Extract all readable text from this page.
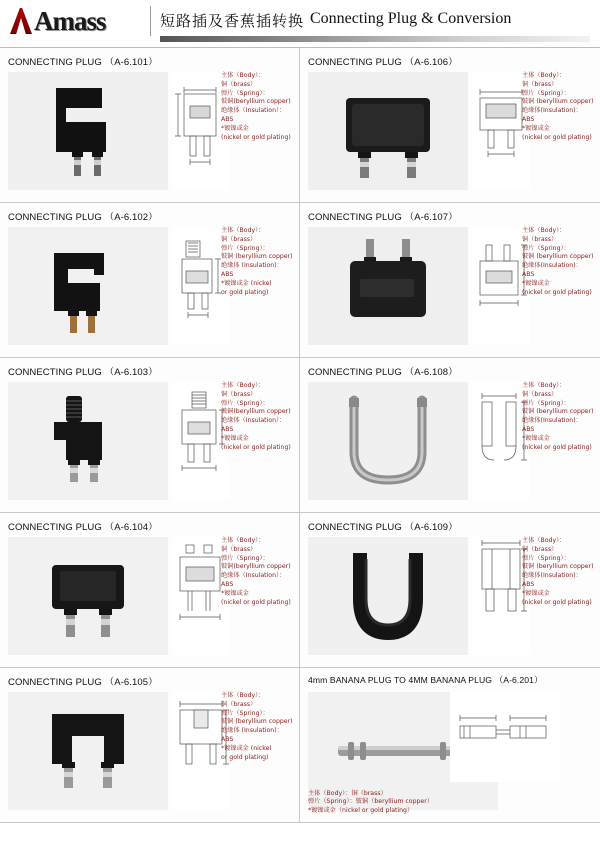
Amass	短路插及香蕉插转换 Connecting Plug & Conversion
CONNECTING PLUG （A-6.101）
主体（Body）：
铜（brass）
弹片（Spring）：
铍铜(beryllium copper)
绝缘体（Insulation）：
ABS
*镀镍或金
(nickel or gold plating)
CONNECTING PLUG （A-6.106）
主体（Body）：
铜（brass）
弹片（Spring）：
铍铜 (beryllium copper)
绝缘体(Insulation)：
ABS
*镀镍或金
(nickel or gold plating)
CONNECTING PLUG （A-6.102）
主体（Body）：
铜（brass）
弹片（Spring）：
铍铜 (beryllium copper)
绝缘体 (Insulation)：
ABS
*镀镍或金 (nickel
or gold plating)
CONNECTING PLUG （A-6.107）
主体（Body）：
铜（brass）
弹片（Spring）：
铍铜 (beryllium copper)
绝缘体(Insulation)：
ABS
*镀镍或金
(nickel or gold plating)
CONNECTING PLUG （A-6.103）
主体（Body）：
铜（brass）
弹片（Spring）：
铍铜(beryllium copper)
绝缘体（Insulation）：
ABS
*镀镍或金
(nickel or gold plating)
CONNECTING PLUG （A-6.108）
主体（Body）：
铜（brass）
弹片（Spring）：
铍铜 (beryllium copper)
绝缘体(Insulation)：
ABS
*镀镍或金
(nickel or gold plating)
CONNECTING PLUG （A-6.104）
主体（Body）：
铜（brass）
弹片（Spring）：
铍铜(beryllium copper)
绝缘体（Insulation）：
ABS
*镀镍或金
(nickel or gold plating)
CONNECTING PLUG （A-6.109）
主体（Body）：
铜（brass）
弹片（Spring）：
铍铜 (beryllium copper)
绝缘体(Insulation)：
ABS
*镀镍或金
(nickel or gold plating)
CONNECTING PLUG （A-6.105）
主体（Body）：
铜（brass）
弹片（Spring）：
铍铜 (beryllium copper)
绝缘体 (Insulation)：
ABS
*镀镍或金 (nickel
or gold plating)
4mm BANANA PLUG TO 4MM BANANA PLUG （A-6.201）
主体（Body）：铜（brass）
弹片（Spring）：铍铜（beryllium copper）
*镀镍或金（nickel or gold plating）
